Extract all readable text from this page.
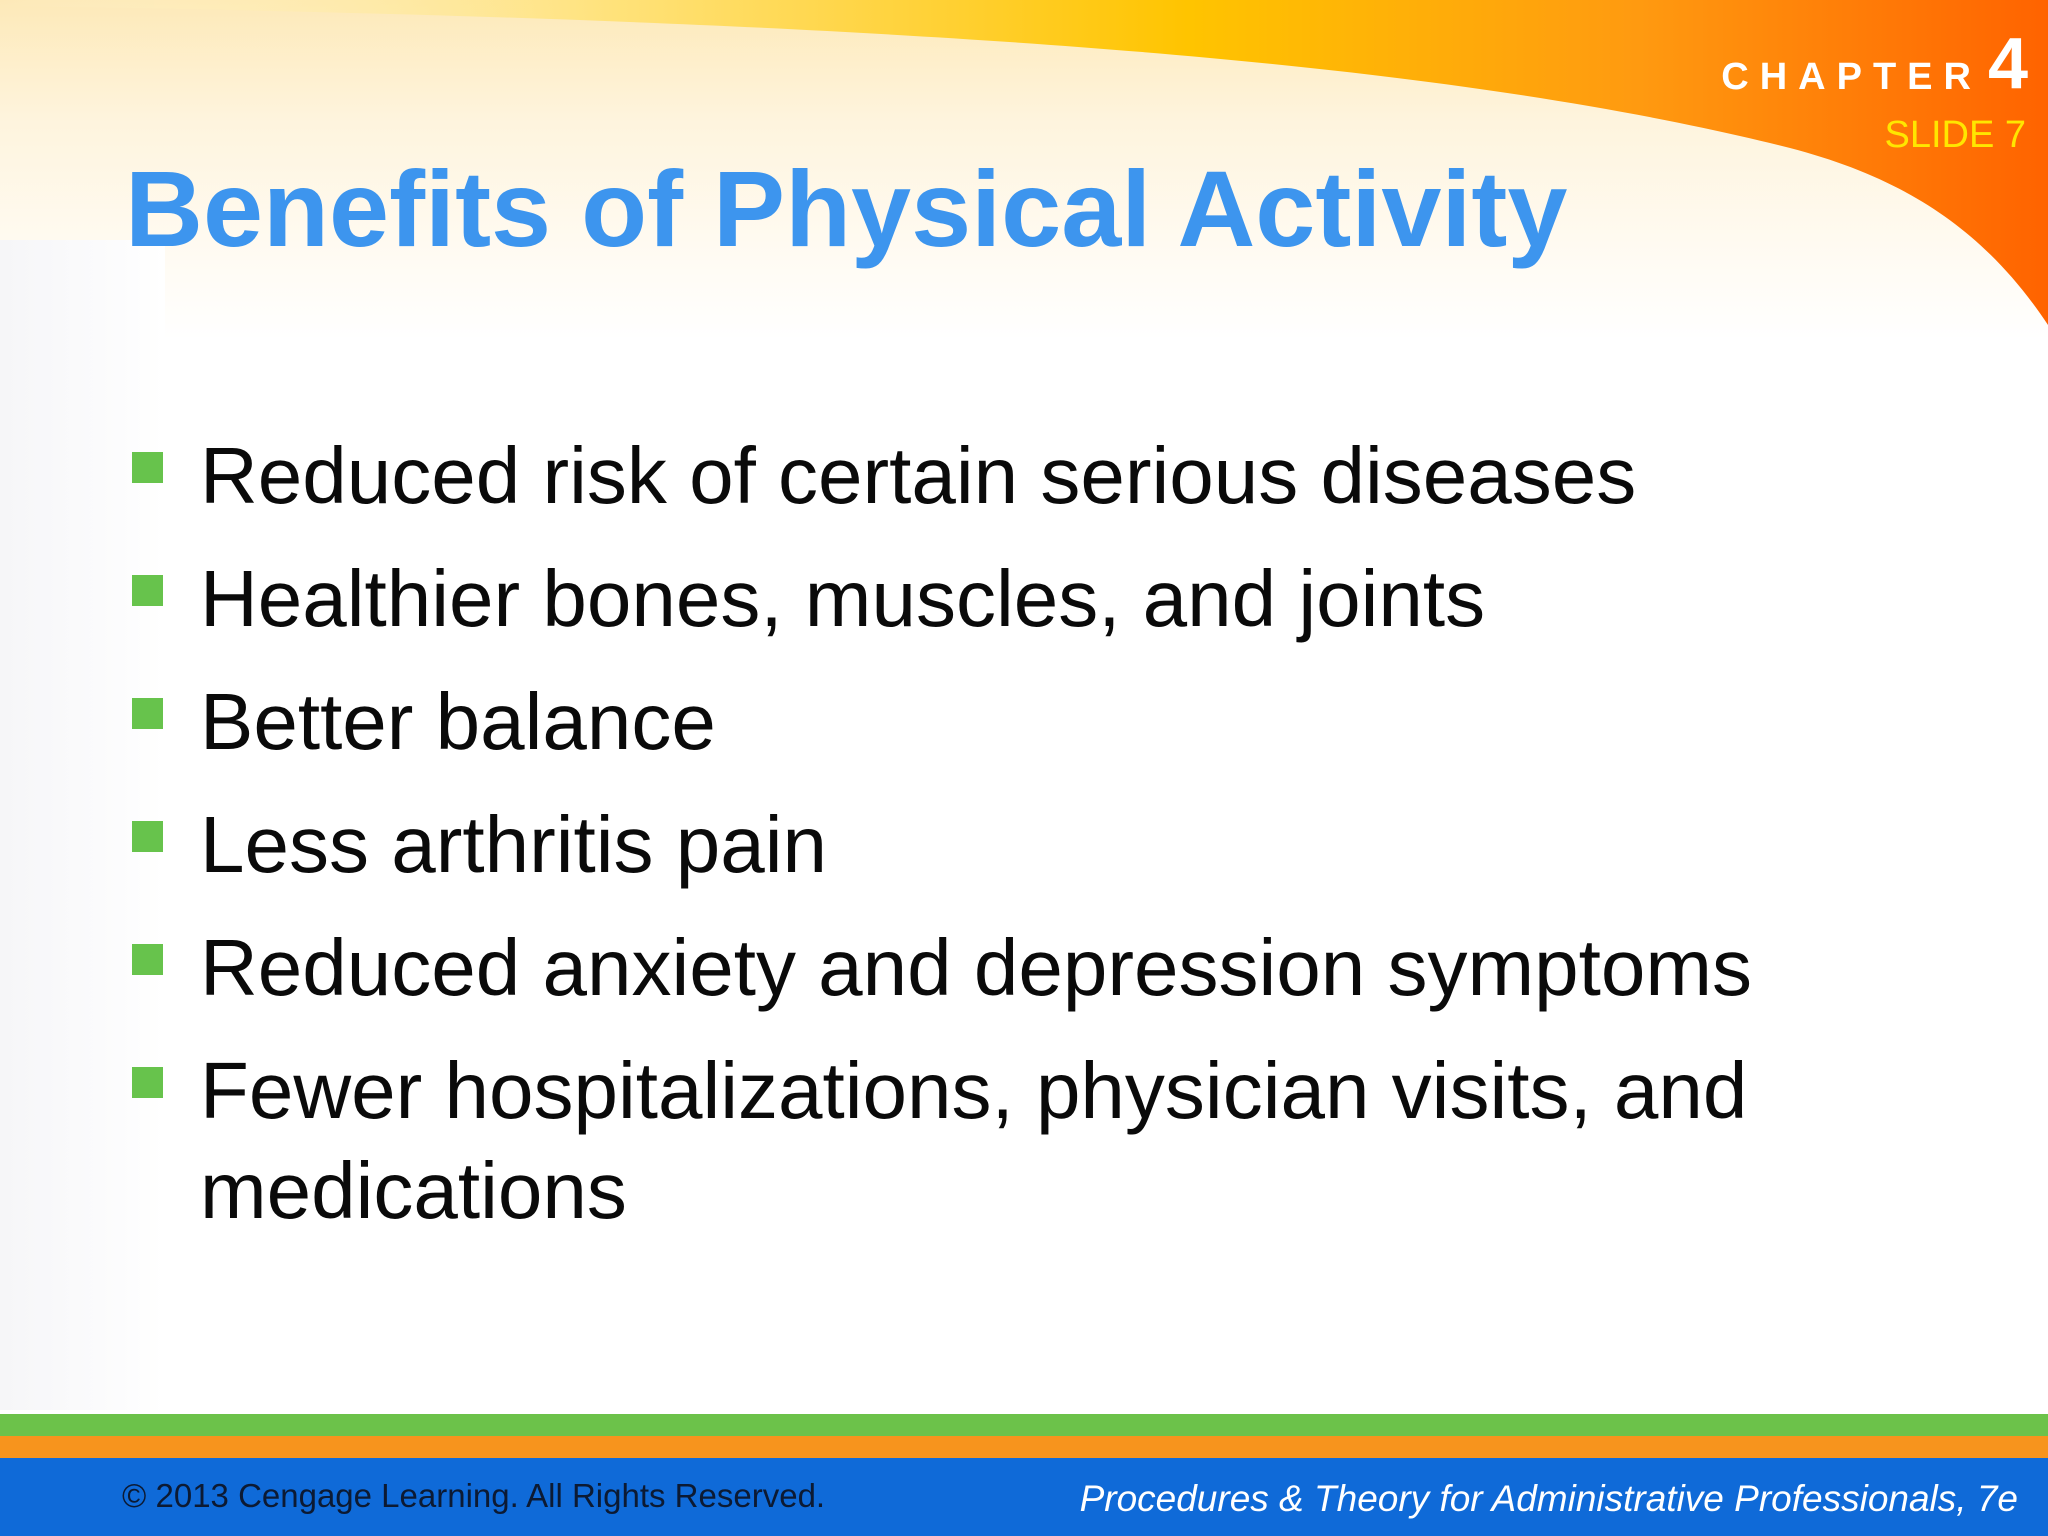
CHAPTER 4
SLIDE 7
Benefits of Physical Activity
Reduced risk of certain serious diseases
Healthier bones, muscles, and joints
Better balance
Less arthritis pain
Reduced anxiety and depression symptoms
Fewer hospitalizations, physician visits, and medications
© 2013 Cengage Learning. All Rights Reserved.	Procedures & Theory for Administrative Professionals, 7e
